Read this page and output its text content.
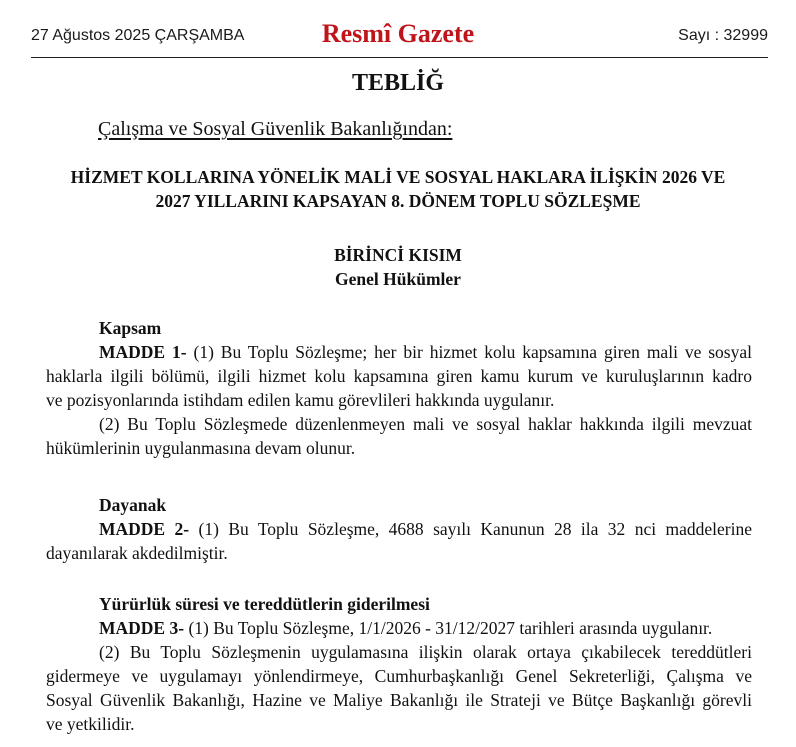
27 Ağustos 2025 ÇARŞAMBA	Resmî Gazete	Sayı : 32999
TEBLİĞ
Çalışma ve Sosyal Güvenlik Bakanlığından:
HİZMET KOLLARINA YÖNELİK MALİ VE SOSYAL HAKLARA İLİŞKİN 2026 VE
2027 YILLARINI KAPSAYAN 8. DÖNEM TOPLU SÖZLEŞME
BİRİNCİ KISIM
Genel Hükümler
Kapsam
MADDE 1- (1) Bu Toplu Sözleşme; her bir hizmet kolu kapsamına giren mali ve sosyal
haklarla ilgili bölümü, ilgili hizmet kolu kapsamına giren kamu kurum ve kuruluşlarının kadro
ve pozisyonlarında istihdam edilen kamu görevlileri hakkında uygulanır.
(2) Bu Toplu Sözleşmede düzenlenmeyen mali ve sosyal haklar hakkında ilgili mevzuat
hükümlerinin uygulanmasına devam olunur.
Dayanak
MADDE 2- (1) Bu Toplu Sözleşme, 4688 sayılı Kanunun 28 ila 32 nci maddelerine
dayanılarak akdedilmiştir.
Yürürlük süresi ve tereddütlerin giderilmesi
MADDE 3- (1) Bu Toplu Sözleşme, 1/1/2026 - 31/12/2027 tarihleri arasında uygulanır.
(2) Bu Toplu Sözleşmenin uygulamasına ilişkin olarak ortaya çıkabilecek tereddütleri
gidermeye ve uygulamayı yönlendirmeye, Cumhurbaşkanlığı Genel Sekreterliği, Çalışma ve
Sosyal Güvenlik Bakanlığı, Hazine ve Maliye Bakanlığı ile Strateji ve Bütçe Başkanlığı görevli
ve yetkilidir.
